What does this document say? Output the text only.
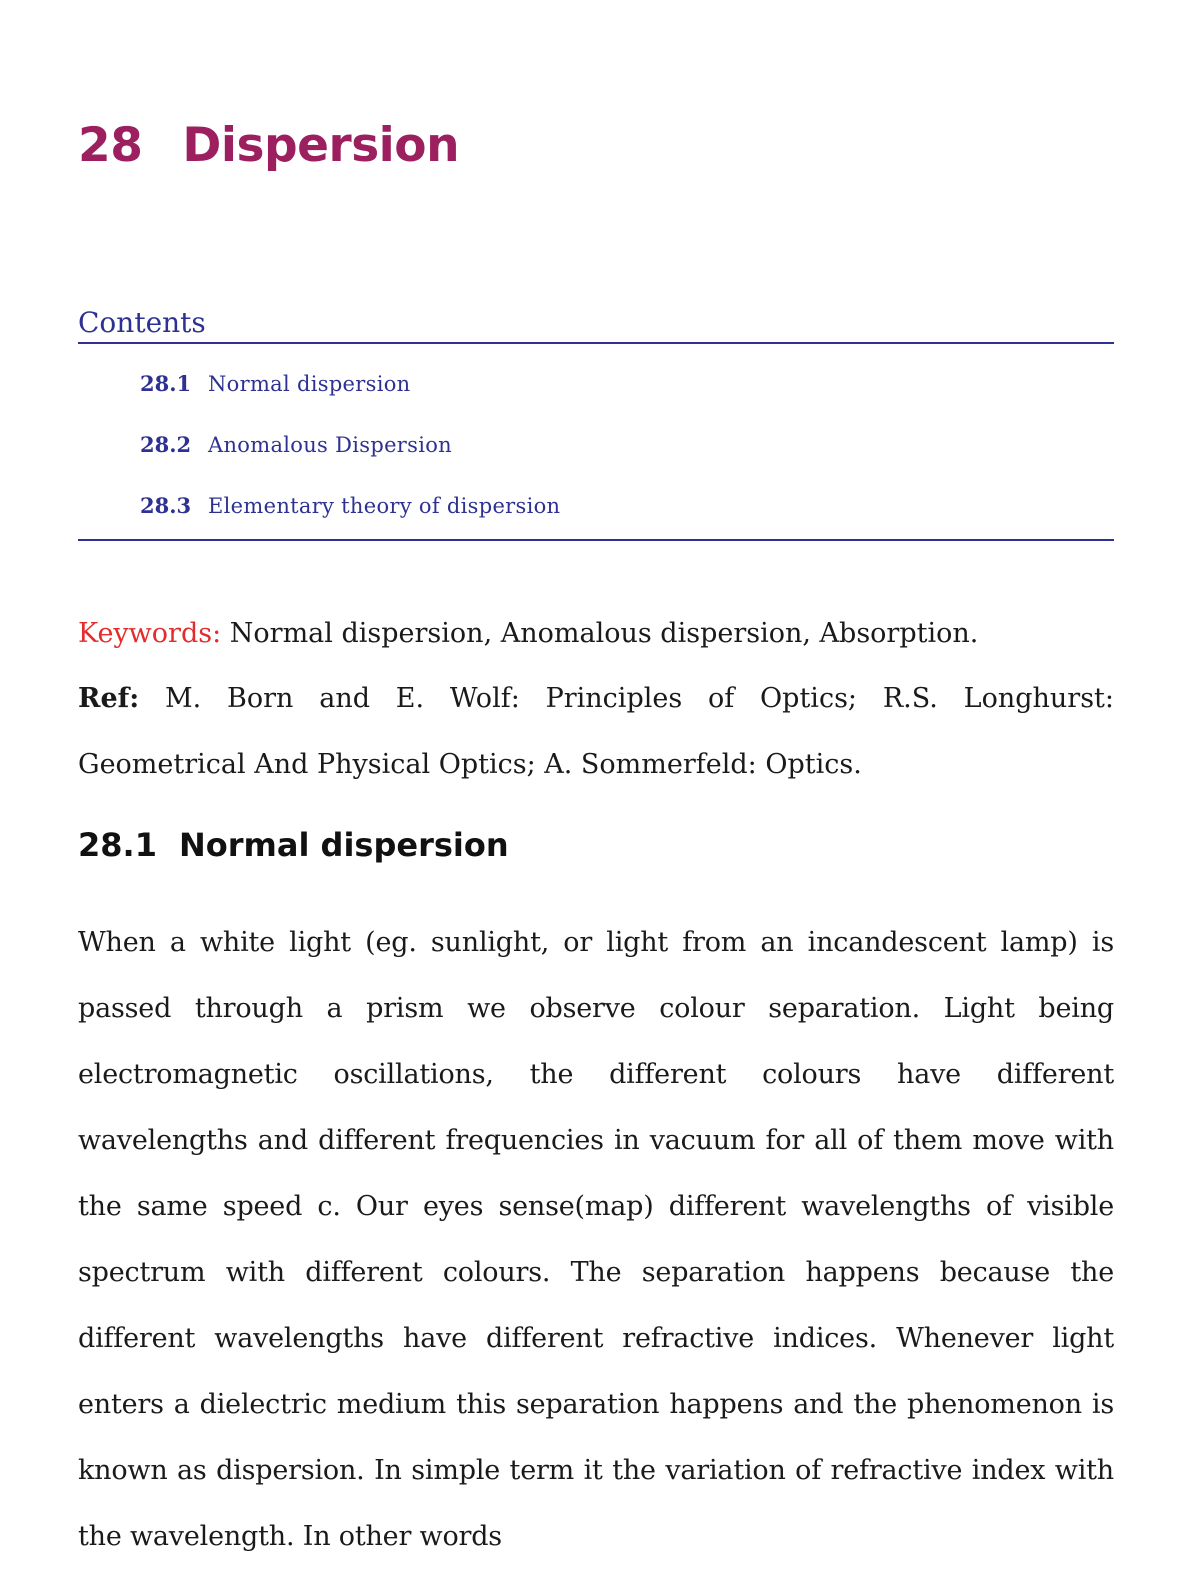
28 Dispersion
Contents
28.1 Normal dispersion
28.2 Anomalous Dispersion
28.3 Elementary theory of dispersion

Keywords: Normal dispersion, Anomalous dispersion, Absorption.

Ref: M. Born and E. Wolf: Principles of Optics; R.S. Longhurst: Geometrical And Physical Optics; A. Sommerfeld: Optics.

28.1 Normal dispersion

When a white light (eg. sunlight, or light from an incandescent lamp) is passed through a prism we observe colour separation. Light being electromagnetic oscillations, the different colours have different wavelengths and different frequencies in vacuum for all of them move with the same speed c. Our eyes sense(map) different wavelengths of visible spectrum with different colours. The separation happens because the different wavelengths have different refractive indices. Whenever light enters a dielectric medium this separation happens and the phenomenon is known as dispersion. In simple term it the variation of refractive index with the wavelength. In other words
